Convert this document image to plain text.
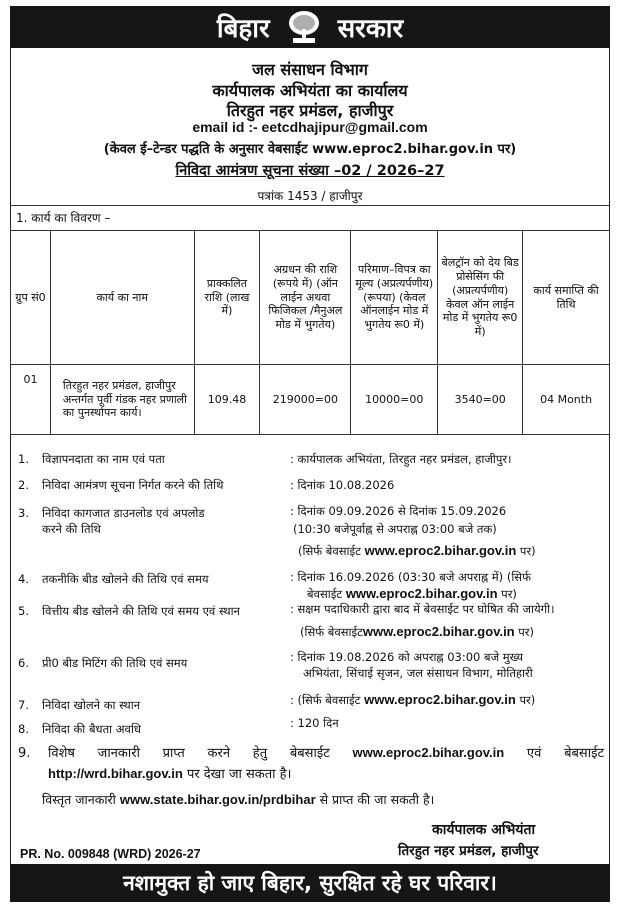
बिहार	सरकार
जल संसाधन विभाग
कार्यपालक अभियंता का कार्यालय
तिरहुत नहर प्रमंडल, हाजीपुर
email id :- eetcdhajipur@gmail.com
(केवल ई–टेन्डर पद्धति के अनुसार वेबसाईट www.eproc2.bihar.gov.in पर)
निविदा आमंत्रण सूचना संख्या –02 / 2026–27
पत्रांक 1453 / हाजीपुर
1. कार्य का विवरण –
ग्रुप सं0	कार्य का नाम	प्राक्कलित राशि (लाख में)	अग्रधन की राशि (रूपये में) (ऑन लाईन अथवा फिजिकल /मैनुअल मोड में भुगतेय)	परिमाण–विपत्र का मूल्य (अप्रत्यर्पणीय) (रूपया) (केवल ऑनलाईन मोड में भुगतेय रू0 में)	बेलट्रॉन को देय बिड प्रोसेसिंग फी (अप्रत्यर्पणीय) केवल ऑन लाईन मोड में भुगतेय रू0 में)	कार्य समाप्ति की तिथि
01	तिरहुत नहर प्रमंडल, हाजीपुर अन्तर्गत पूर्वी गंडक नहर प्रणाली का पुनर्स्थापन कार्य।	109.48	219000=00	10000=00	3540=00	04 Month
1. विज्ञापनदाता का नाम एवं पता	: कार्यपालक अभियंता, तिरहुत नहर प्रमंडल, हाजीपुर।
2. निविदा आमंत्रण सूचना निर्गत करने की तिथि	: दिनांक 10.08.2026
3. निविदा कागजात डाउनलोड एवं अपलोड
करने की तिथि
: दिनांक 09.09.2026 से दिनांक 15.09.2026
(10:30 बजेपूर्वाह्न से अपराह्न 03:00 बजे तक)
(सिर्फ बेवसाईट www.eproc2.bihar.gov.in पर)
4. तकनीकि बीड खोलने की तिथि एवं समय	: दिनांक 16.09.2026 (03:30 बजे अपराह्न में) (सिर्फ
बेवसाईट www.eproc2.bihar.gov.in पर)
5. वित्तीय बीड खोलने की तिथि एवं समय एवं स्थान	: सक्षम पदाधिकारी द्वारा बाद में बेवसाईट पर घोषित की जायेगी।
(सिर्फ बेवसाईटwww.eproc2.bihar.gov.in पर)
6. प्री0 बीड मिटिंग की तिथि एवं समय	: दिनांक 19.08.2026 को अपराह्न 03:00 बजे मुख्य
अभियंता, सिंचाई सृजन, जल संसाधन विभाग, मोतिहारी
7. निविदा खोलने का स्थान	: (सिर्फ बेवसाईट www.eproc2.bihar.gov.in पर)
8. निविदा की बैधता अवधि	: 120 दिन
9. विशेष जानकारी प्राप्त करने हेतु बेबसाईट www.eproc2.bihar.gov.in एवं बेबसाईट
http://wrd.bihar.gov.in पर देखा जा सकता है।
विस्तृत जानकारी www.state.bihar.gov.in/prdbihar से प्राप्त की जा सकती है।
कार्यपालक अभियंता
तिरहुत नहर प्रमंडल, हाजीपुर
PR. No. 009848 (WRD) 2026-27
नशामुक्त हो जाए बिहार, सुरक्षित रहे घर परिवार।
